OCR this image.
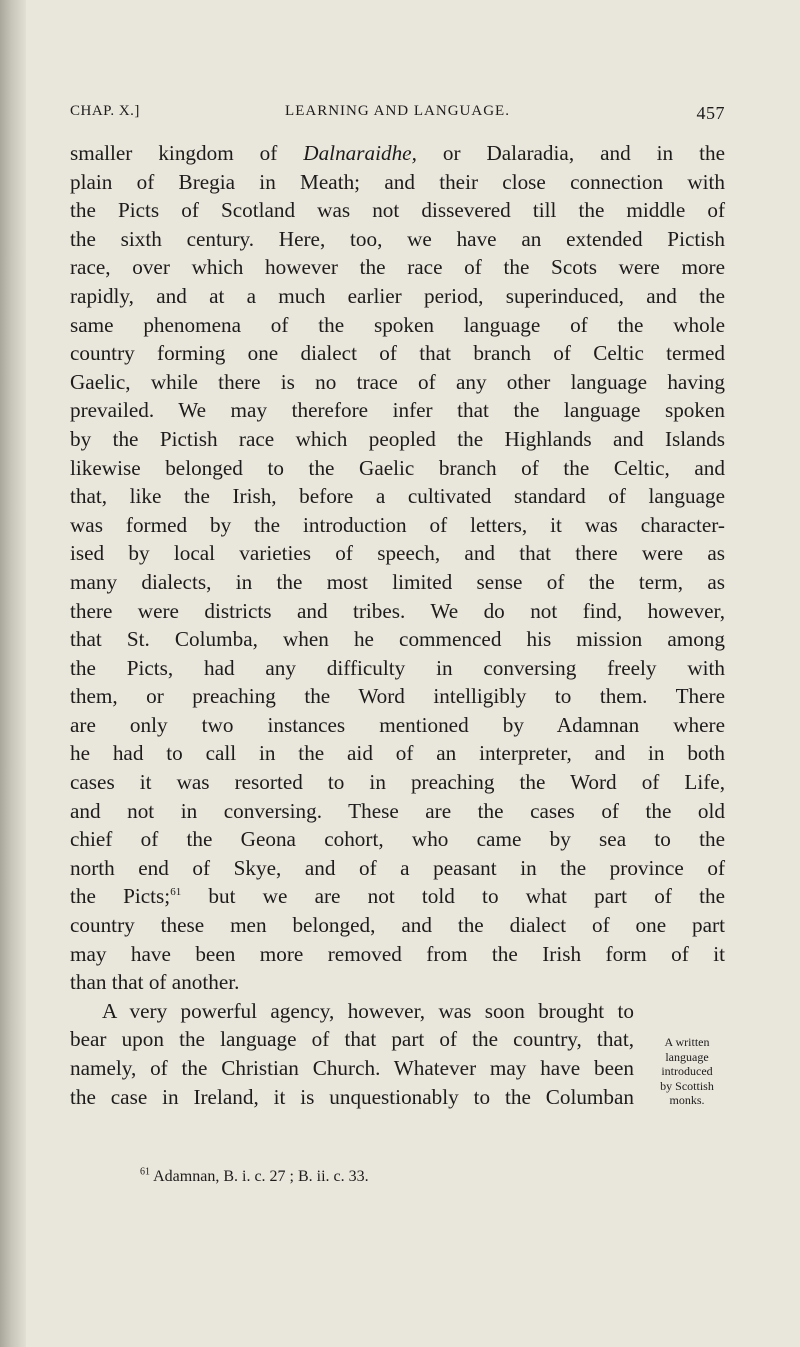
CHAP. X.]	LEARNING AND LANGUAGE.	457
smaller kingdom of Dalnaraidhe, or Dalaradia, and in the
plain of Bregia in Meath; and their close connection with
the Picts of Scotland was not dissevered till the middle of
the sixth century. Here, too, we have an extended Pictish
race, over which however the race of the Scots were more
rapidly, and at a much earlier period, superinduced, and the
same phenomena of the spoken language of the whole
country forming one dialect of that branch of Celtic termed
Gaelic, while there is no trace of any other language having
prevailed. We may therefore infer that the language spoken
by the Pictish race which peopled the Highlands and Islands
likewise belonged to the Gaelic branch of the Celtic, and
that, like the Irish, before a cultivated standard of language
was formed by the introduction of letters, it was character-
ised by local varieties of speech, and that there were as
many dialects, in the most limited sense of the term, as
there were districts and tribes. We do not find, however,
that St. Columba, when he commenced his mission among
the Picts, had any difficulty in conversing freely with
them, or preaching the Word intelligibly to them. There
are only two instances mentioned by Adamnan where
he had to call in the aid of an interpreter, and in both
cases it was resorted to in preaching the Word of Life,
and not in conversing. These are the cases of the old
chief of the Geona cohort, who came by sea to the
north end of Skye, and of a peasant in the province of
the Picts;$^{61}$ but we are not told to what part of the
country these men belonged, and the dialect of one part
may have been more removed from the Irish form of it
than that of another.
A very powerful agency, however, was soon brought to
bear upon the language of that part of the country, that,
namely, of the Christian Church. Whatever may have been
the case in Ireland, it is unquestionably to the Columban
A written
language
introduced
by Scottish
monks.
$^{61}$ Adamnan, B. i. c. 27 ; B. ii. c. 33.
